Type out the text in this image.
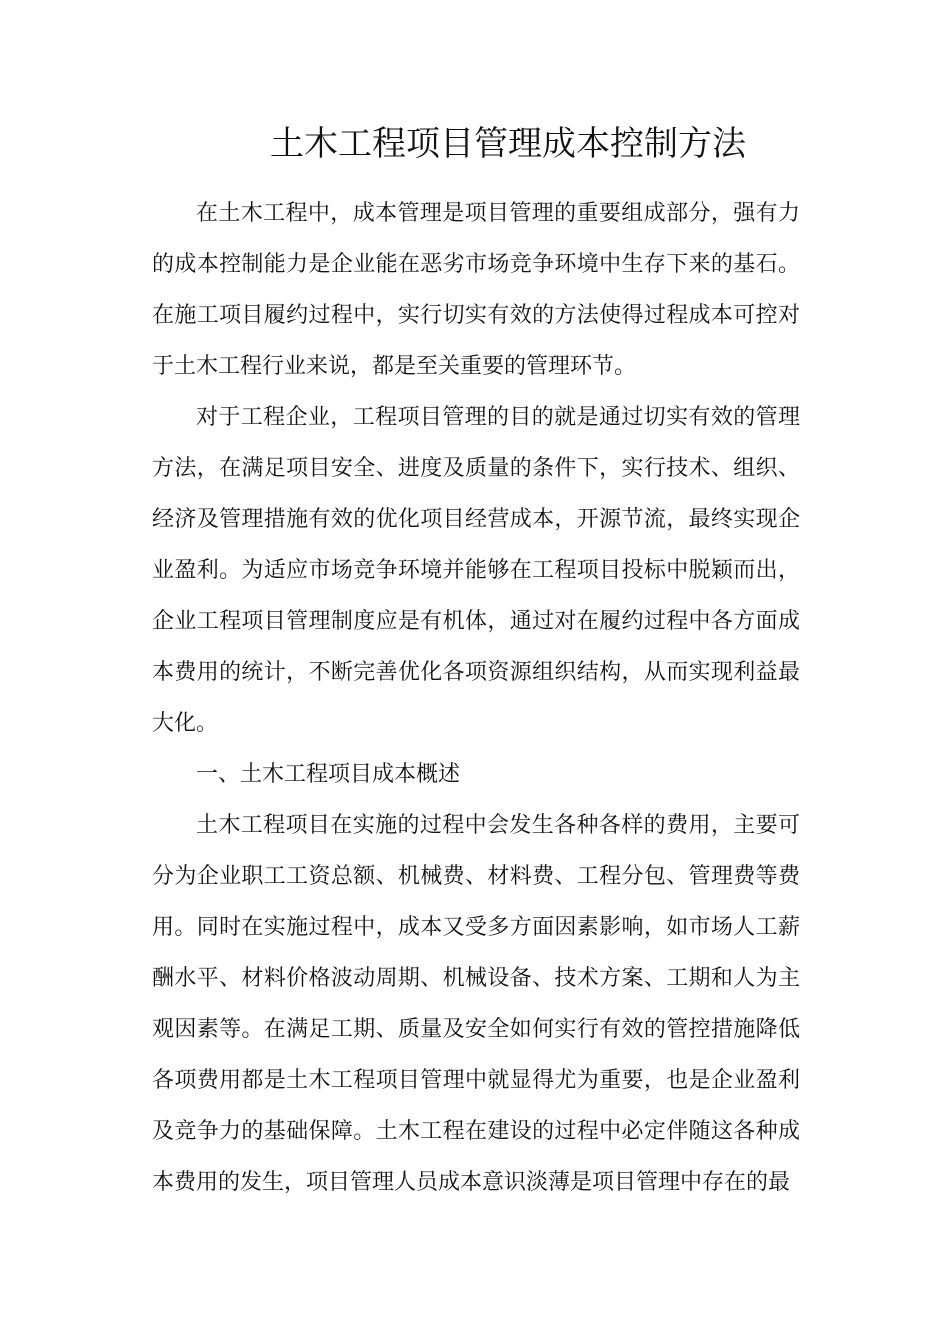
土木工程项目管理成本控制方法

在土木工程中，成本管理是项目管理的重要组成部分，强有力的成本控制能力是企业能在恶劣市场竞争环境中生存下来的基石。在施工项目履约过程中，实行切实有效的方法使得过程成本可控对于土木工程行业来说，都是至关重要的管理环节。

对于工程企业，工程项目管理的目的就是通过切实有效的管理方法，在满足项目安全、进度及质量的条件下，实行技术、组织、经济及管理措施有效的优化项目经营成本，开源节流，最终实现企业盈利。为适应市场竞争环境并能够在工程项目投标中脱颖而出，企业工程项目管理制度应是有机体，通过对在履约过程中各方面成本费用的统计，不断完善优化各项资源组织结构，从而实现利益最大化。

一、土木工程项目成本概述

土木工程项目在实施的过程中会发生各种各样的费用，主要可分为企业职工工资总额、机械费、材料费、工程分包、管理费等费用。同时在实施过程中，成本又受多方面因素影响，如市场人工薪酬水平、材料价格波动周期、机械设备、技术方案、工期和人为主观因素等。在满足工期、质量及安全如何实行有效的管控措施降低各项费用都是土木工程项目管理中就显得尤为重要，也是企业盈利及竞争力的基础保障。土木工程在建设的过程中必定伴随这各种成本费用的发生，项目管理人员成本意识淡薄是项目管理中存在的最
